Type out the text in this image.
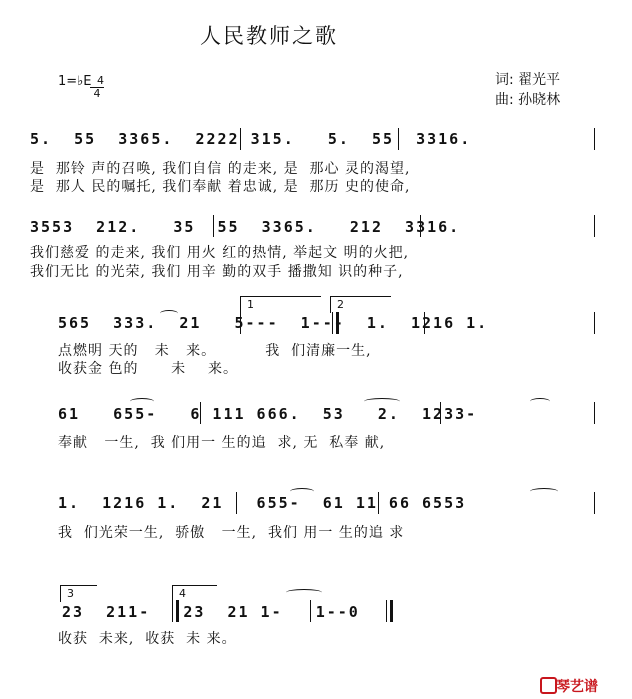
人民教师之歌
1=♭E 4
4

词: 翟光平
曲: 孙晓林
5.  55  3365.  2222 315.   5.  55  3316.
是  那铃 声的召唤, 我们自信 的走来, 是  那心 灵的渴望,
是  那人 民的嘱托, 我们奉献 着忠诚, 是  那历 史的使命,
3553  212.   35  55  3365.   212  3316.
我们慈爱 的走来, 我们 用火 红的热情, 举起文 明的火把,
我们无比 的光荣, 我们 用辛 勤的双手 播撒知 识的种子,
1	2
565  333.  21   5---  1---  1.  1216 1.
点燃明 天的   未   来。         我  们清廉一生,
收获金 色的      未    来。
61   655-   6 111 666.  53   2.  1233-
奉献   一生,  我 们用一 生的追  求, 无  私奉 献,
1.  1216 1.  21   655-  61 11 66 6553
我  们光荣一生,  骄傲   一生,  我们 用一 生的追 求
3	4
23  211-   23  21 1-   1--0
收获  未来,  收获  未 来。
琴艺谱
